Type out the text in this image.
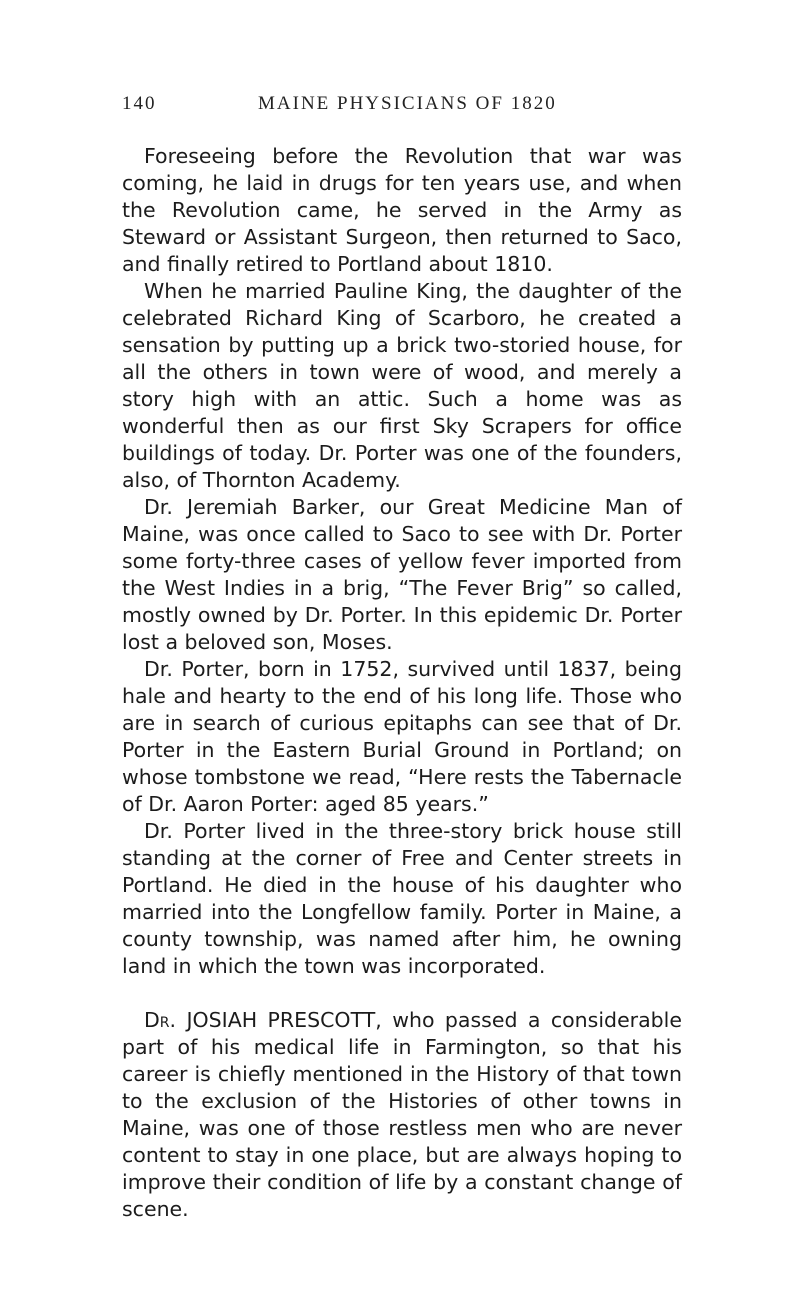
140	MAINE PHYSICIANS OF 1820

Foreseeing before the Revolution that war was coming, he laid in drugs for ten years use, and when the Revolution came, he served in the Army as Steward or Assistant Surgeon, then returned to Saco, and finally retired to Portland about 1810.

When he married Pauline King, the daughter of the celebrated Richard King of Scarboro, he created a sensation by putting up a brick two-storied house, for all the others in town were of wood, and merely a story high with an attic. Such a home was as wonderful then as our first Sky Scrapers for office buildings of today. Dr. Porter was one of the founders, also, of Thornton Academy.

Dr. Jeremiah Barker, our Great Medicine Man of Maine, was once called to Saco to see with Dr. Porter some forty-three cases of yellow fever imported from the West Indies in a brig, “The Fever Brig” so called, mostly owned by Dr. Porter. In this epidemic Dr. Porter lost a beloved son, Moses.

Dr. Porter, born in 1752, survived until 1837, being hale and hearty to the end of his long life. Those who are in search of curious epitaphs can see that of Dr. Porter in the Eastern Burial Ground in Portland; on whose tombstone we read, “Here rests the Tabernacle of Dr. Aaron Porter: aged 85 years.”

Dr. Porter lived in the three-story brick house still standing at the corner of Free and Center streets in Portland. He died in the house of his daughter who married into the Longfellow family. Porter in Maine, a county township, was named after him, he owning land in which the town was incorporated.

Dr. JOSIAH PRESCOTT, who passed a considerable part of his medical life in Farmington, so that his career is chiefly mentioned in the History of that town to the exclusion of the Histories of other towns in Maine, was one of those restless men who are never content to stay in one place, but are always hoping to improve their condition of life by a constant change of scene.
